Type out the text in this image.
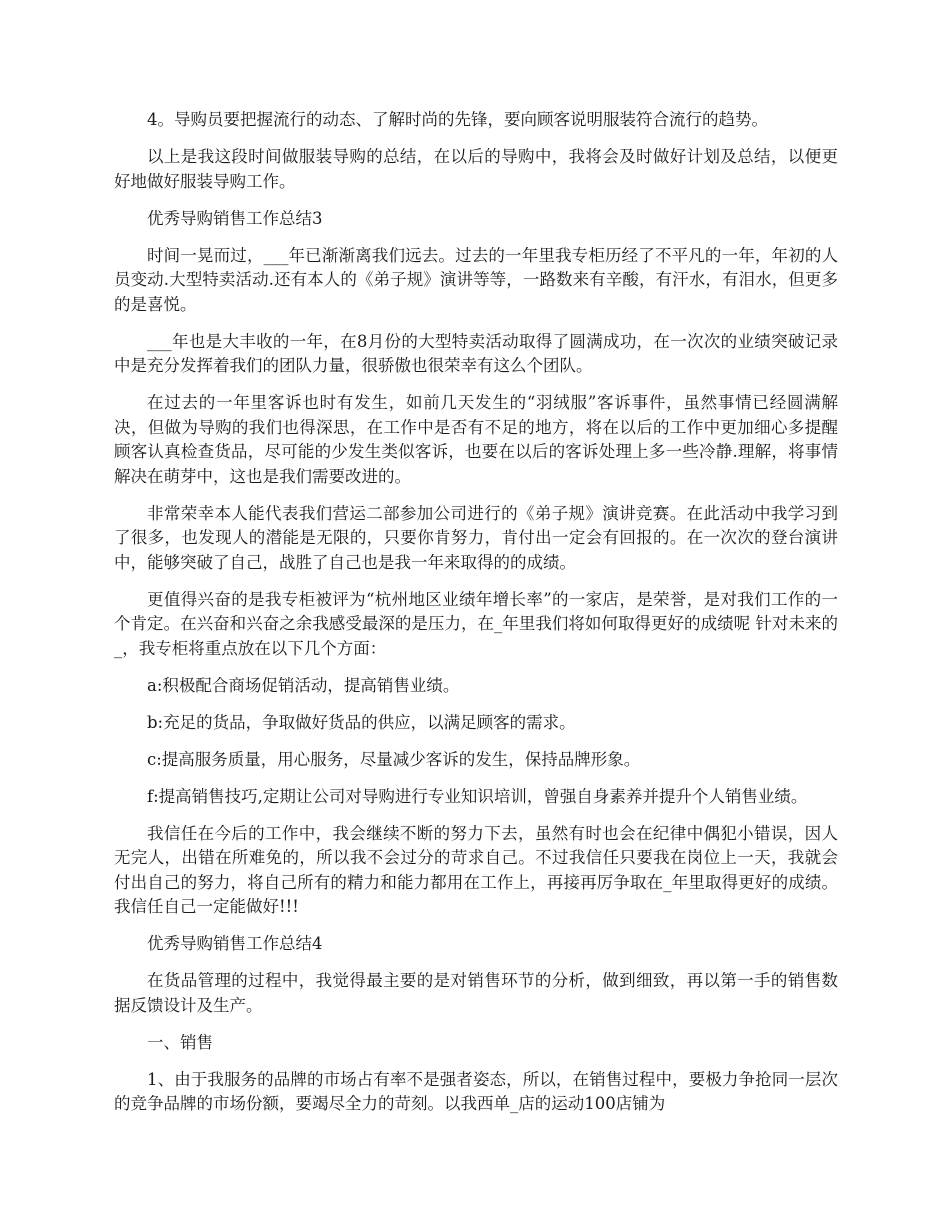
4。导购员要把握流行的动态、了解时尚的先锋，要向顾客说明服装符合流行的趋势。

以上是我这段时间做服装导购的总结，在以后的导购中，我将会及时做好计划及总结，以便更好地做好服装导购工作。

优秀导购销售工作总结3

时间一晃而过，___年已渐渐离我们远去。过去的一年里我专柜历经了不平凡的一年，年初的人员变动.大型特卖活动.还有本人的《弟子规》演讲等等，一路数来有辛酸，有汗水，有泪水，但更多的是喜悦。

___年也是大丰收的一年，在8月份的大型特卖活动取得了圆满成功，在一次次的业绩突破记录中是充分发挥着我们的团队力量，很骄傲也很荣幸有这么个团队。

在过去的一年里客诉也时有发生，如前几天发生的“羽绒服”客诉事件，虽然事情已经圆满解决，但做为导购的我们也得深思，在工作中是否有不足的地方，将在以后的工作中更加细心多提醒顾客认真检查货品，尽可能的少发生类似客诉，也要在以后的客诉处理上多一些冷静.理解，将事情解决在萌芽中，这也是我们需要改进的。

非常荣幸本人能代表我们营运二部参加公司进行的《弟子规》演讲竞赛。在此活动中我学习到了很多，也发现人的潜能是无限的，只要你肯努力，肯付出一定会有回报的。在一次次的登台演讲中，能够突破了自己，战胜了自己也是我一年来取得的的成绩。

更值得兴奋的是我专柜被评为“杭州地区业绩年增长率”的一家店，是荣誉，是对我们工作的一个肯定。在兴奋和兴奋之余我感受最深的是压力，在_年里我们将如何取得更好的成绩呢 针对未来的_，我专柜将重点放在以下几个方面：

a:积极配合商场促销活动，提高销售业绩。

b:充足的货品，争取做好货品的供应，以满足顾客的需求。

c:提高服务质量，用心服务，尽量减少客诉的发生，保持品牌形象。

f:提高销售技巧,定期让公司对导购进行专业知识培训，曾强自身素养并提升个人销售业绩。

我信任在今后的工作中，我会继续不断的努力下去，虽然有时也会在纪律中偶犯小错误，因人无完人，出错在所难免的，所以我不会过分的苛求自己。不过我信任只要我在岗位上一天，我就会付出自己的努力，将自己所有的精力和能力都用在工作上，再接再厉争取在_年里取得更好的成绩。我信任自己一定能做好!!!

优秀导购销售工作总结4

在货品管理的过程中，我觉得最主要的是对销售环节的分析，做到细致，再以第一手的销售数据反馈设计及生产。

一、销售

1、由于我服务的品牌的市场占有率不是强者姿态，所以，在销售过程中，要极力争抢同一层次的竞争品牌的市场份额，要竭尽全力的苛刻。以我西单_店的运动100店铺为
